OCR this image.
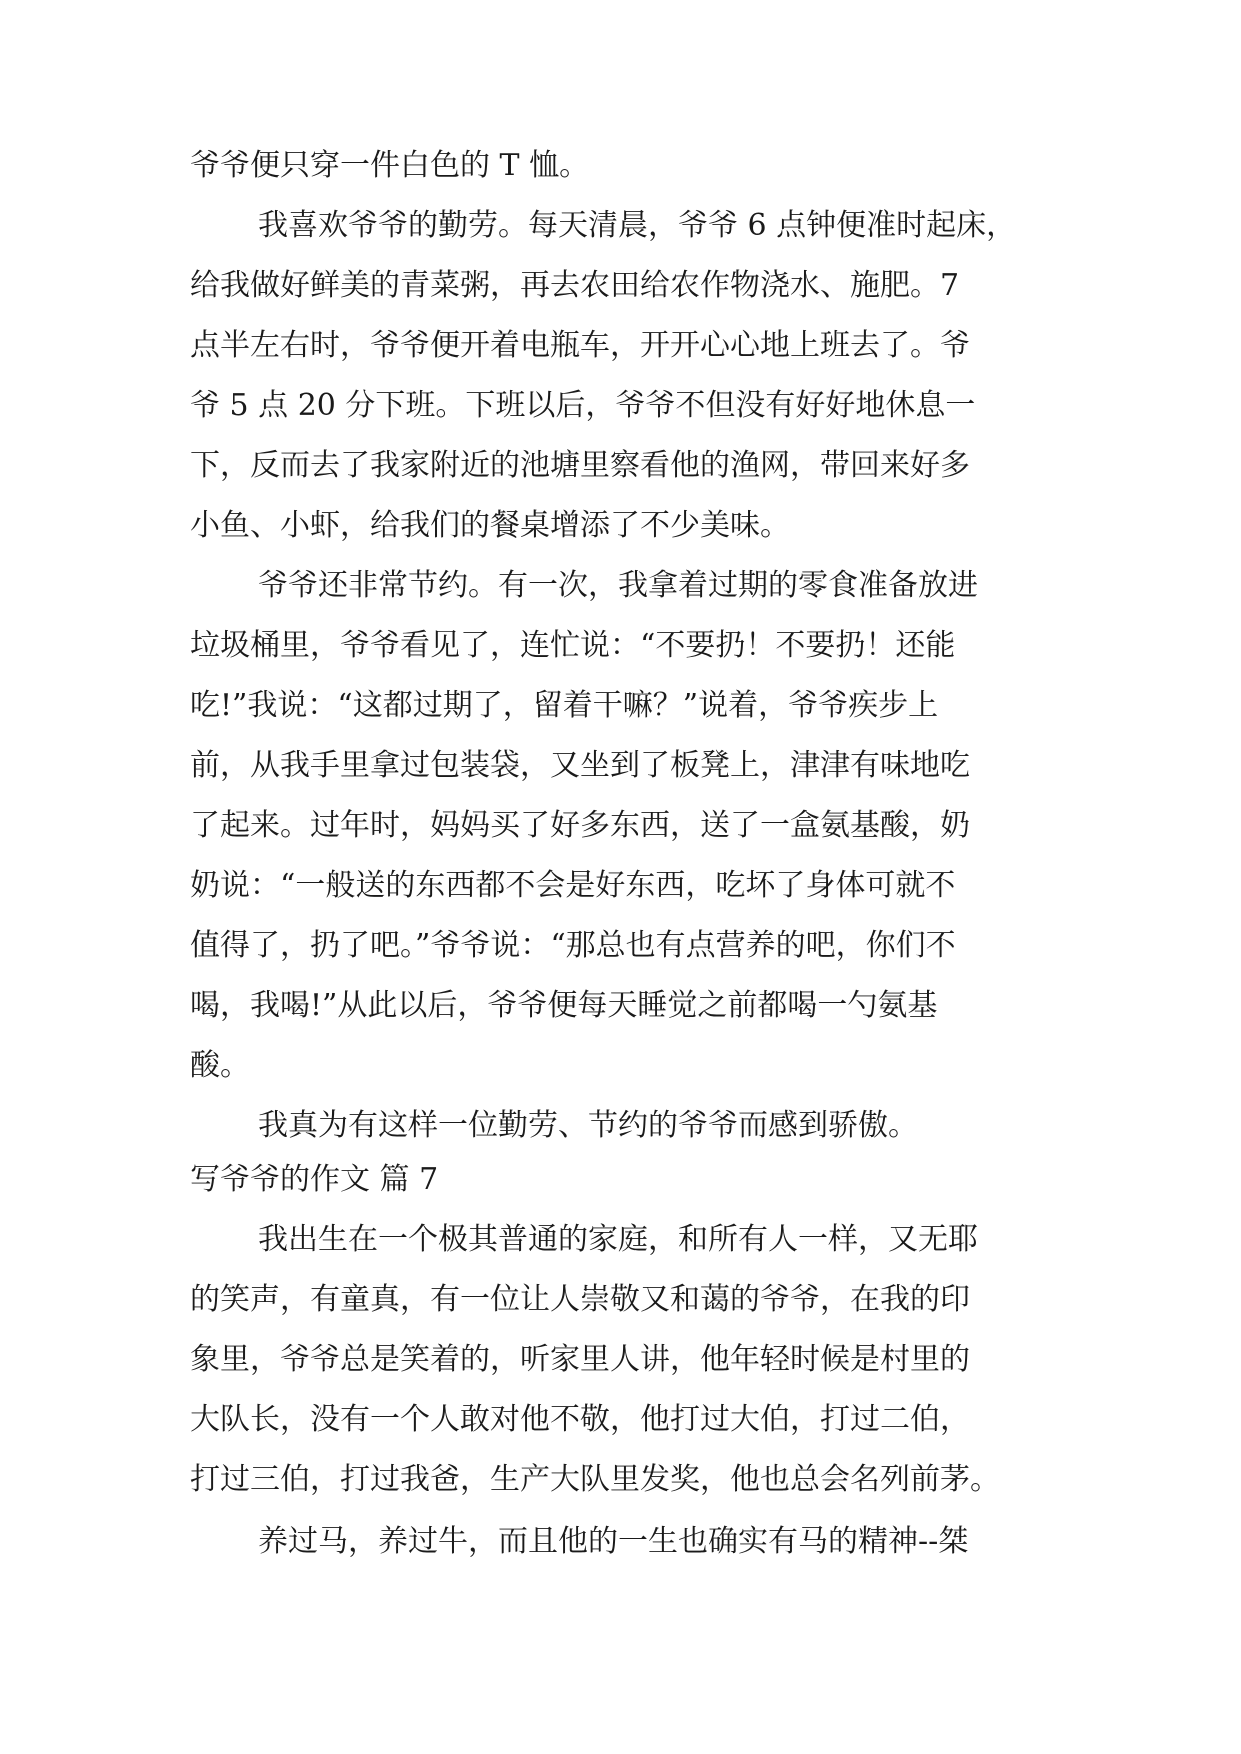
爷爷便只穿一件白色的 T 恤。
我喜欢爷爷的勤劳。每天清晨，爷爷 6 点钟便准时起床，
给我做好鲜美的青菜粥，再去农田给农作物浇水、施肥。7
点半左右时，爷爷便开着电瓶车，开开心心地上班去了。爷
爷 5 点 20 分下班。下班以后，爷爷不但没有好好地休息一
下，反而去了我家附近的池塘里察看他的渔网，带回来好多
小鱼、小虾，给我们的餐桌增添了不少美味。
爷爷还非常节约。有一次，我拿着过期的零食准备放进
垃圾桶里，爷爷看见了，连忙说：“不要扔！不要扔！还能
吃!”我说：“这都过期了，留着干嘛？”说着，爷爷疾步上
前，从我手里拿过包装袋，又坐到了板凳上，津津有味地吃
了起来。过年时，妈妈买了好多东西，送了一盒氨基酸，奶
奶说：“一般送的东西都不会是好东西，吃坏了身体可就不
值得了，扔了吧。”爷爷说：“那总也有点营养的吧，你们不
喝，我喝!”从此以后，爷爷便每天睡觉之前都喝一勺氨基
酸。
我真为有这样一位勤劳、节约的爷爷而感到骄傲。
写爷爷的作文 篇 7
我出生在一个极其普通的家庭，和所有人一样，又无耶
的笑声，有童真，有一位让人崇敬又和蔼的爷爷，在我的印
象里，爷爷总是笑着的，听家里人讲，他年轻时候是村里的
大队长，没有一个人敢对他不敬，他打过大伯，打过二伯，
打过三伯，打过我爸，生产大队里发奖，他也总会名列前茅。
养过马，养过牛，而且他的一生也确实有马的精神--桀
